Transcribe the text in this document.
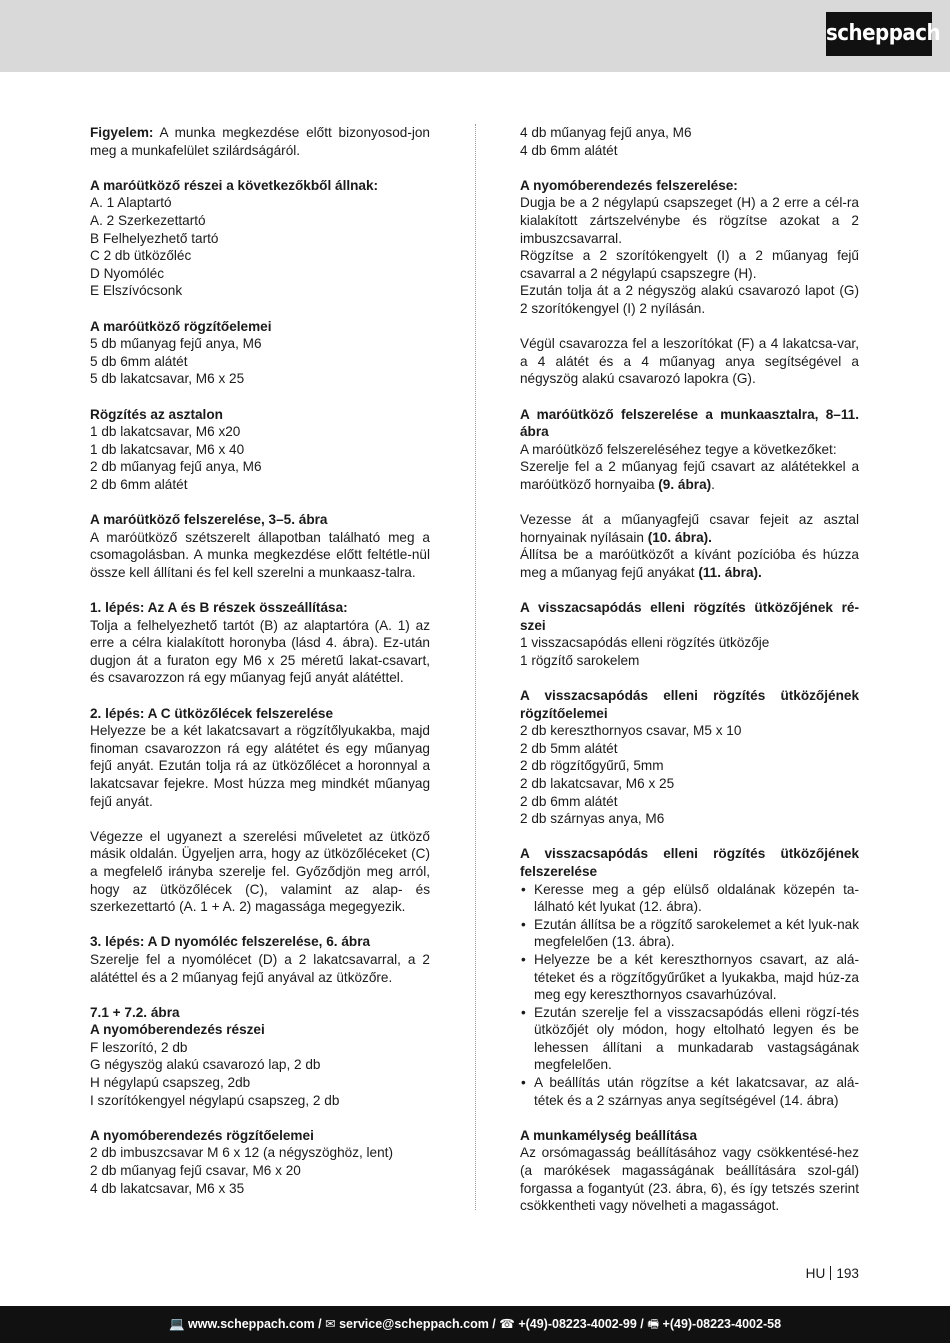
scheppach

Figyelem: A munka megkezdése előtt bizonyosod-jon meg a munkafelület szilárdságáról.

A maróütköző részei a következőkből állnak:

A. 1 Alaptartó
A. 2 Szerkezettartó
B Felhelyezhető tartó
C 2 db ütközőléc
D Nyomóléc
E Elszívócsonk

A maróütköző rögzítőelemei

5 db műanyag fejű anya, M6
5 db 6mm alátét
5 db lakatcsavar, M6 x 25

Rögzítés az asztalon

1 db lakatcsavar, M6 x20
1 db lakatcsavar, M6 x 40
2 db műanyag fejű anya, M6
2 db 6mm alátét

A maróütköző felszerelése, 3–5. ábra

A maróütköző szétszerelt állapotban található meg a csomagolásban. A munka megkezdése előtt feltétle-nül össze kell állítani és fel kell szerelni a munkaasz-talra.

1. lépés: Az A és B részek összeállítása:

Tolja a felhelyezhető tartót (B) az alaptartóra (A. 1) az erre a célra kialakított horonyba (lásd 4. ábra). Ez-után dugjon át a furaton egy M6 x 25 méretű lakat-csavart, és csavarozzon rá egy műanyag fejű anyát alátéttel.

2. lépés: A C ütközőlécek felszerelése

Helyezze be a két lakatcsavart a rögzítőlyukakba, majd finoman csavarozzon rá egy alátétet és egy műanyag fejű anyát. Ezután tolja rá az ütközőlécet a horonnyal a lakatcsavar fejekre. Most húzza meg mindkét műanyag fejű anyát.

Végezze el ugyanezt a szerelési műveletet az ütköző másik oldalán. Ügyeljen arra, hogy az ütközőléceket (C) a megfelelő irányba szerelje fel. Győződjön meg arról, hogy az ütközőlécek (C), valamint az alap- és szerkezettartó (A. 1 + A. 2) magassága megegyezik.

3. lépés: A D nyomóléc felszerelése, 6. ábra

Szerelje fel a nyomólécet (D) a 2 lakatcsavarral, a 2 alátéttel és a 2 műanyag fejű anyával az ütközőre.

7.1 + 7.2. ábra

A nyomóberendezés részei

F leszorító, 2 db
G négyszög alakú csavarozó lap, 2 db
H négylapú csapszeg, 2db
I szorítókengyel négylapú csapszeg, 2 db

A nyomóberendezés rögzítőelemei

2 db imbuszcsavar M 6 x 12 (a négyszöghöz, lent)
2 db műanyag fejű csavar, M6 x 20
4 db lakatcsavar, M6 x 35
4 db műanyag fejű anya, M6
4 db 6mm alátét

A nyomóberendezés felszerelése:

Dugja be a 2 négylapú csapszeget (H) a 2 erre a cél-ra kialakított zártszelvénybe és rögzítse azokat a 2 imbuszcsavarral.

Rögzítse a 2 szorítókengyelt (I) a 2 műanyag fejű csavarral a 2 négylapú csapszegre (H).

Ezután tolja át a 2 négyszög alakú csavarozó lapot (G) 2 szorítókengyel (I) 2 nyílásán.

Végül csavarozza fel a leszorítókat (F) a 4 lakatcsa-var, a 4 alátét és a 4 műanyag anya segítségével a négyszög alakú csavarozó lapokra (G).

A maróütköző felszerelése a munkaasztalra, 8–11. ábra

A maróütköző felszereléséhez tegye a következőket:

Szerelje fel a 2 műanyag fejű csavart az alátétekkel a maróütköző hornyaiba (9. ábra).

Vezesse át a műanyagfejű csavar fejeit az asztal hornyainak nyílásain (10. ábra).

Állítsa be a maróütközőt a kívánt pozícióba és húzza meg a műanyag fejű anyákat (11. ábra).

A visszacsapódás elleni rögzítés ütközőjének ré-szei

1 visszacsapódás elleni rögzítés ütközője
1 rögzítő sarokelem

A visszacsapódás elleni rögzítés ütközőjének rögzítőelemei

2 db kereszthornyos csavar, M5 x 10
2 db 5mm alátét
2 db rögzítőgyűrű, 5mm
2 db lakatcsavar, M6 x 25
2 db 6mm alátét
2 db szárnyas anya, M6

A visszacsapódás elleni rögzítés ütközőjének felszerelése

• Keresse meg a gép elülső oldalának közepén ta-lálható két lyukat (12. ábra).
• Ezután állítsa be a rögzítő sarokelemet a két lyuk-nak megfelelően (13. ábra).
• Helyezze be a két kereszthornyos csavart, az alá-téteket és a rögzítőgyűrűket a lyukakba, majd húz-za meg egy kereszthornyos csavarhúzóval.
• Ezután szerelje fel a visszacsapódás elleni rögzí-tés ütközőjét oly módon, hogy eltolható legyen és be lehessen állítani a munkadarab vastagságának megfelelően.
• A beállítás után rögzítse a két lakatcsavar, az alá-tétek és a 2 szárnyas anya segítségével (14. ábra)

A munkamélység beállítása

Az orsómagasság beállításához vagy csökkentésé-hez (a marókések magasságának beállítására szol-gál) forgassa a fogantyút (23. ábra, 6), és így tetszés szerint csökkentheti vagy növelheti a magasságot.

HU 193
💻 www.scheppach.com / ✉ service@scheppach.com / ☎ +(49)-08223-4002-99 / 🖷 +(49)-08223-4002-58
